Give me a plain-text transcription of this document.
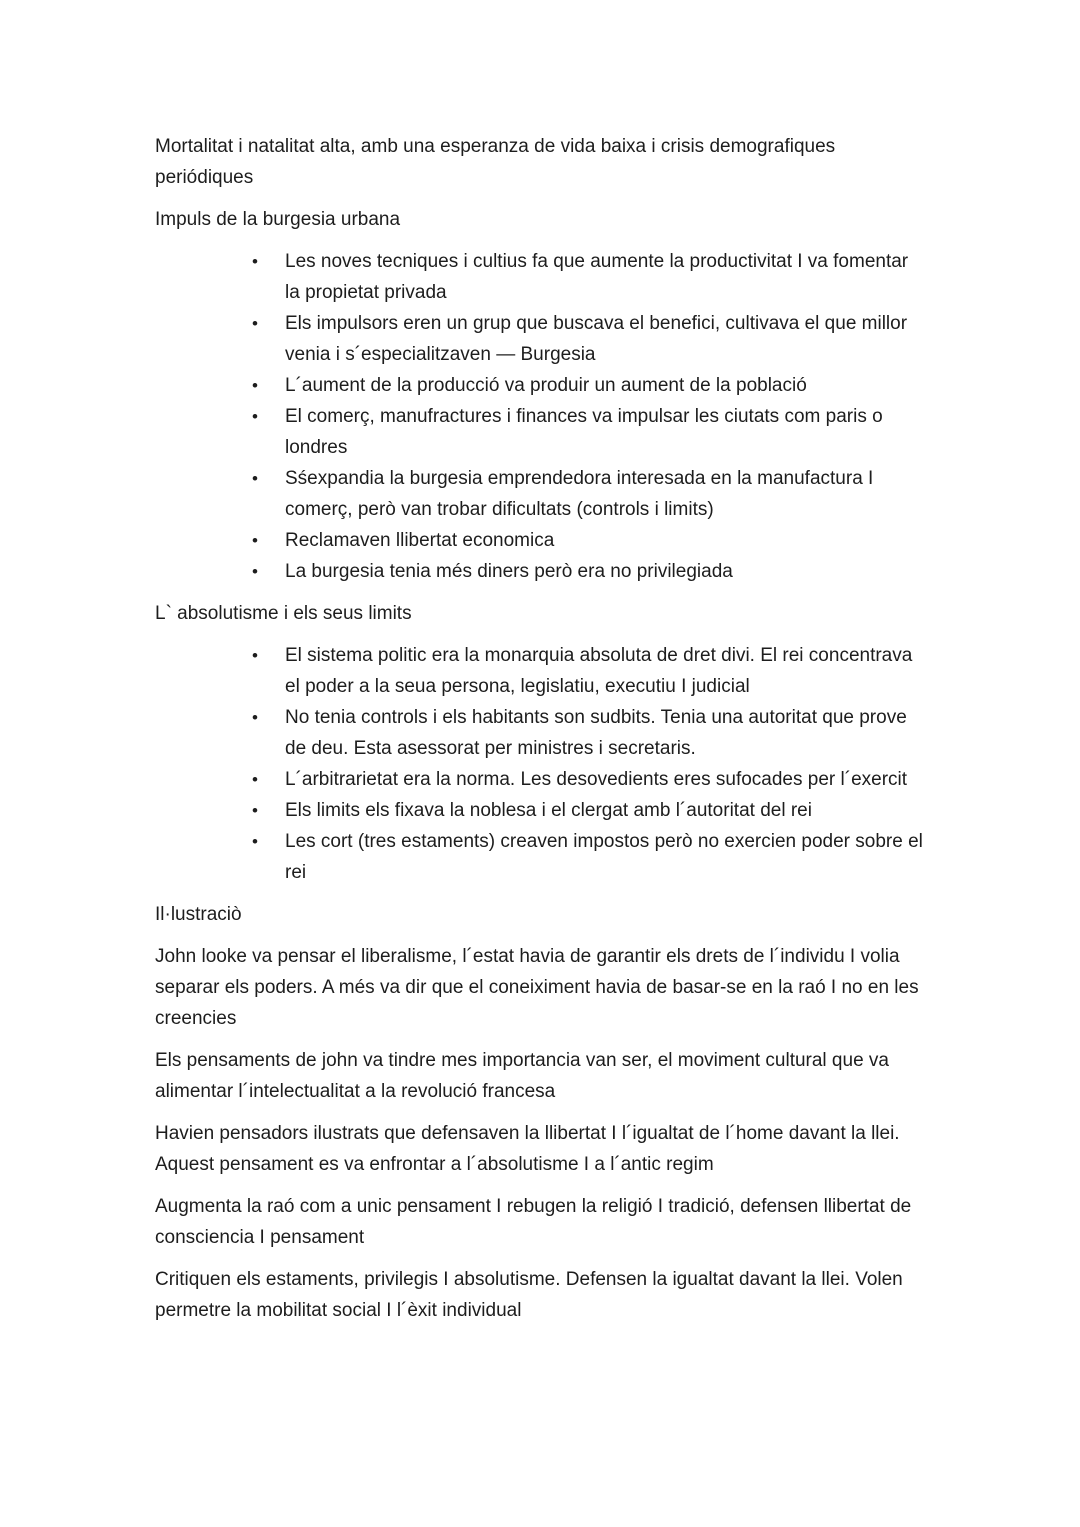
Mortalitat i natalitat alta, amb una esperanza de vida baixa i crisis demografiques periódiques

Impuls de la burgesia urbana

• Les noves tecniques i cultius fa que aumente la productivitat I va fomentar la propietat privada
• Els impulsors eren un grup que buscava el benefici, cultivava el que millor venia i s´especialitzaven — Burgesia
• L´aument de la producció va produir un aument de la població
• El comerç, manufractures i finances va impulsar les ciutats com paris o londres
• Sśexpandia la burgesia emprendedora interesada en la manufactura I comerç, però van trobar dificultats (controls i limits)
• Reclamaven llibertat economica
• La burgesia tenia més diners però era no privilegiada

L` absolutisme i els seus limits

• El sistema politic era la monarquia absoluta de dret divi. El rei concentrava el poder a la seua persona, legislatiu, executiu I judicial
• No tenia controls i els habitants son sudbits. Tenia una autoritat que prove de deu. Esta asessorat per ministres i secretaris.
• L´arbitrarietat era la norma. Les desovedients eres sufocades per l´exercit
• Els limits els fixava la noblesa i el clergat amb l´autoritat del rei
• Les cort (tres estaments) creaven impostos però no exercien poder sobre el rei

Il·lustraciò

John looke va pensar el liberalisme, l´estat havia de garantir els drets de l´individu I volia separar els poders. A més va dir que el coneiximent havia de basar-se en la raó I no en les creencies

Els pensaments de john va tindre mes importancia van ser, el moviment cultural que va alimentar l´intelectualitat a la revolució francesa

Havien pensadors ilustrats que defensaven la llibertat I l´igualtat de l´home davant la llei. Aquest pensament es va enfrontar a l´absolutisme I a l´antic regim

Augmenta la raó com a unic pensament I rebugen la religió I tradició, defensen llibertat de consciencia I pensament

Critiquen els estaments, privilegis I absolutisme. Defensen la igualtat davant la llei. Volen permetre la mobilitat social I l´èxit individual
